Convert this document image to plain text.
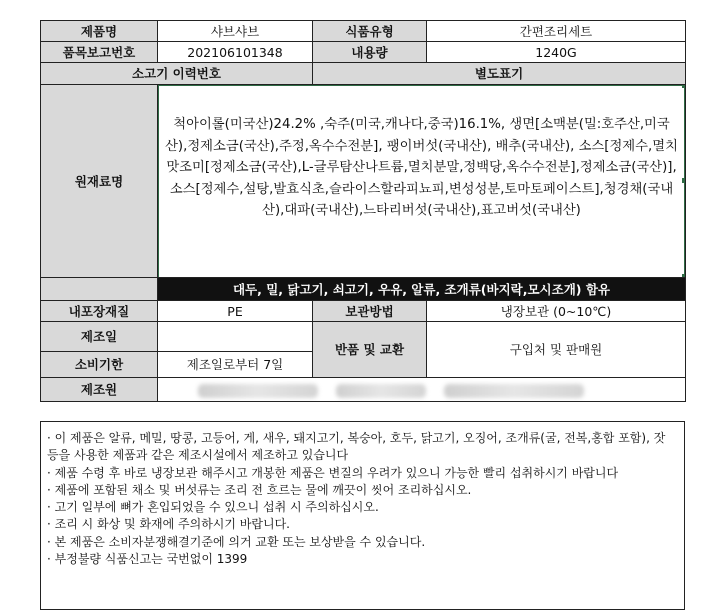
제품명	샤브샤브	식품유형	간편조리세트
품목보고번호	202106101348	내용량	1240G
소고기 이력번호		별도표기	
원재료명	척아이롤(미국산)24.2% ,숙주(미국,캐나다,중국)16.1%, 생면[소맥분(밀:호주산,미국산),정제소금(국산),주정,옥수수전분], 팽이버섯(국내산), 배추(국내산), 소스[정제수,멸치맛조미[정제소금(국산),L-글루탐산나트륨,멸치분말,정백당,옥수수전분],정제소금(국산)],소스[정제수,설탕,발효식초,슬라이스할라피뇨피,변성성분,토마토페이스트],청경채(국내산),대파(국내산),느타리버섯(국내산),표고버섯(국내산)		

	대두, 밀, 닭고기, 쇠고기, 우유, 알류, 조개류(바지락,모시조개) 함유		
내포장재질	PE	보관방법	냉장보관 (0~10℃)
제조일		반품 및 교환	구입처 및 판매원
소비기한	제조일로부터 7일		
제조원			

· 이 제품은 알류, 메밀, 땅콩, 고등어, 게, 새우, 돼지고기, 복숭아, 호두, 닭고기, 오징어, 조개류(굴, 전복,홍합 포함), 잣 등을 사용한 제품과 같은 제조시설에서 제조하고 있습니다

· 제품 수령 후 바로 냉장보관 해주시고 개봉한 제품은 변질의 우려가 있으니 가능한 빨리 섭취하시기 바랍니다

· 제품에 포함된 채소 및 버섯류는 조리 전 흐르는 물에 깨끗이 씻어 조리하십시오.

· 고기 일부에 뼈가 혼입되었을 수 있으니 섭취 시 주의하십시오.

· 조리 시 화상 및 화재에 주의하시기 바랍니다.

· 본 제품은 소비자분쟁해결기준에 의거 교환 또는 보상받을 수 있습니다.

· 부정불량 식품신고는 국번없이 1399
